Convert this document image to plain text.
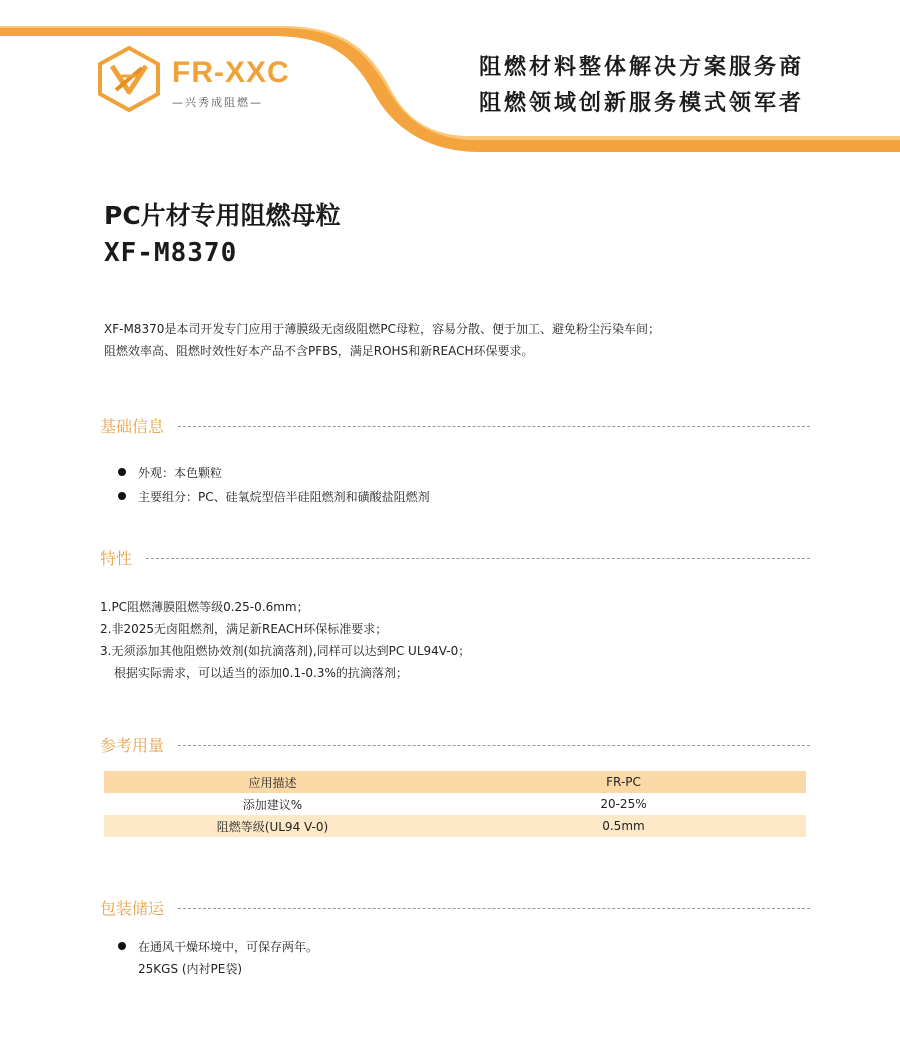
FR-XXC
—兴秀成阻燃—
阻燃材料整体解决方案服务商
阻燃领域创新服务模式领军者
PC片材专用阻燃母粒
XF-M8370

XF-M8370是本司开发专门应用于薄膜级无卤级阻燃PC母粒，容易分散、便于加工、避免粉尘污染车间；

阻燃效率高、阻燃时效性好本产品不含PFBS，满足ROHS和新REACH环保要求。

基础信息
外观：本色颗粒
主要组分：PC、硅氧烷型倍半硅阻燃剂和磺酸盐阻燃剂
特性
1.PC阻燃薄膜阻燃等级0.25-0.6mm；
2.非2025无卤阻燃剂，满足新REACH环保标准要求；
3.无须添加其他阻燃协效剂(如抗滴落剂),同样可以达到PC UL94V-0；
根据实际需求，可以适当的添加0.1-0.3%的抗滴落剂；
参考用量
应用描述	FR-PC
添加建议%	20-25%
阻燃等级(UL94 V-0)	0.5mm
包装储运
在通风干燥环境中，可保存两年。
25KGS (内衬PE袋)
